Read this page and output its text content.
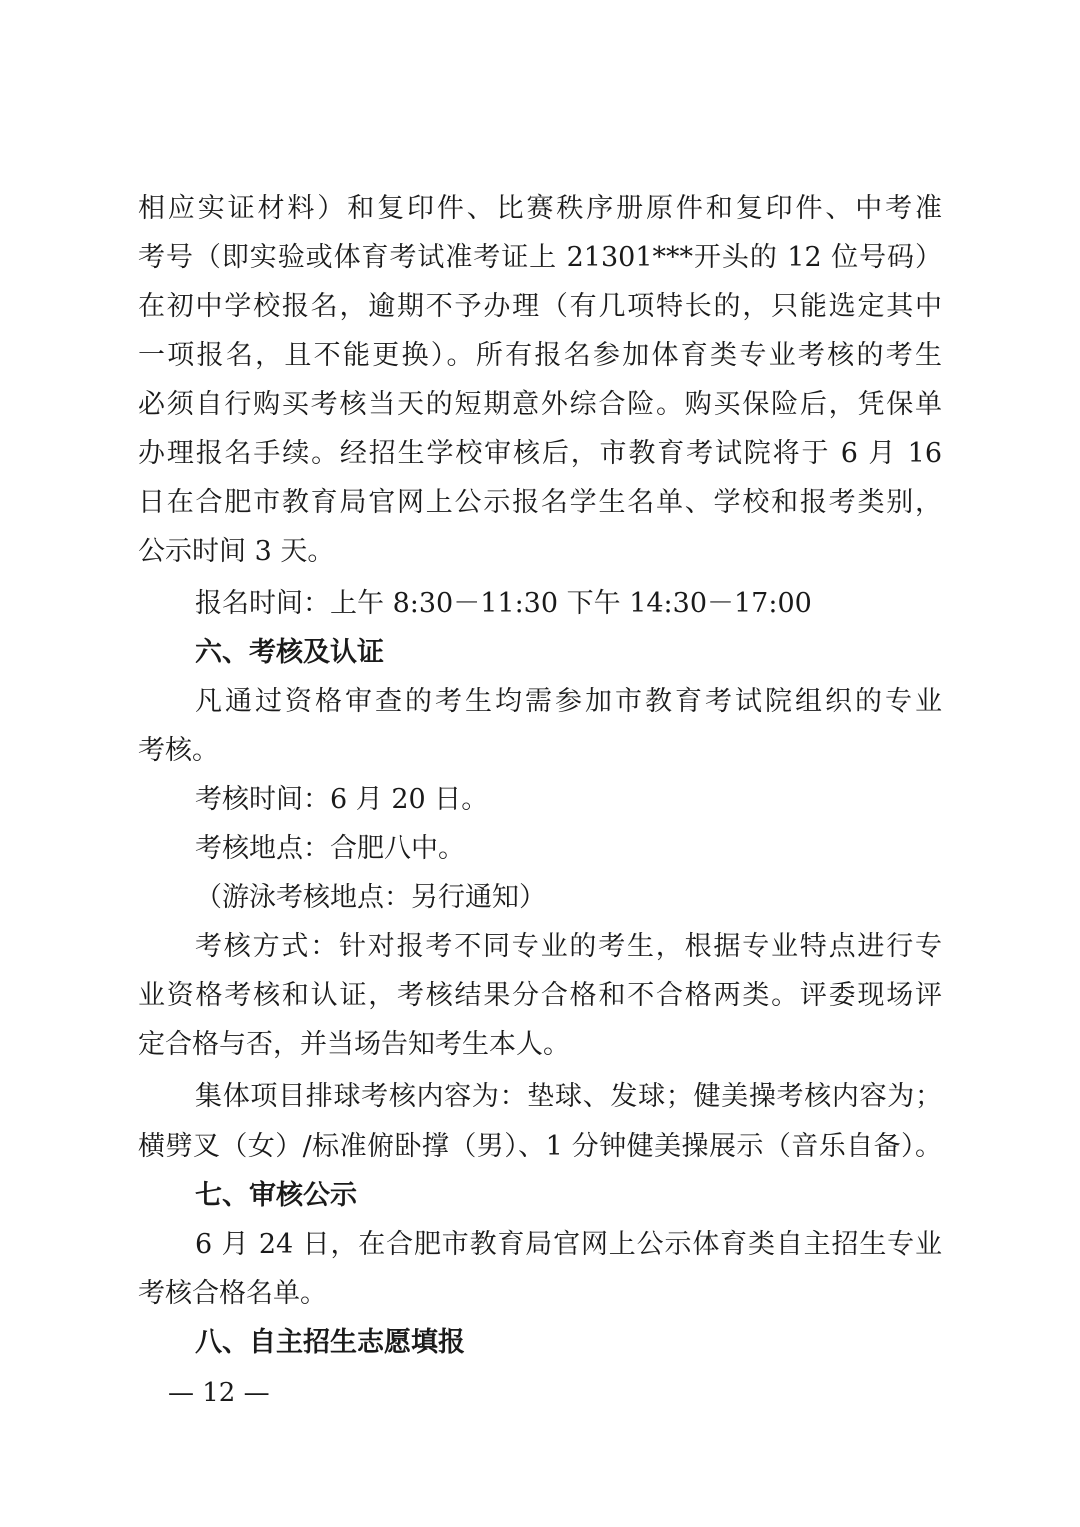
相应实证材料）和复印件、比赛秩序册原件和复印件、中考准
考号（即实验或体育考试准考证上 21301***开头的 12 位号码）
在初中学校报名，逾期不予办理（有几项特长的，只能选定其中
一项报名，且不能更换）。所有报名参加体育类专业考核的考生
必须自行购买考核当天的短期意外综合险。购买保险后，凭保单
办理报名手续。经招生学校审核后，市教育考试院将于 6 月 16
日在合肥市教育局官网上公示报名学生名单、学校和报考类别，
公示时间 3 天。
报名时间：上午 8:30－11:30 下午 14:30－17:00
六、考核及认证
凡通过资格审查的考生均需参加市教育考试院组织的专业
考核。
考核时间：6 月 20 日。
考核地点：合肥八中。
（游泳考核地点：另行通知）
考核方式：针对报考不同专业的考生，根据专业特点进行专
业资格考核和认证，考核结果分合格和不合格两类。评委现场评
定合格与否，并当场告知考生本人。
集体项目排球考核内容为：垫球、发球；健美操考核内容为；
横劈叉（女）/标准俯卧撑（男）、1 分钟健美操展示（音乐自备）。
七、审核公示
6 月 24 日，在合肥市教育局官网上公示体育类自主招生专业
考核合格名单。
八、自主招生志愿填报
— 12 —
